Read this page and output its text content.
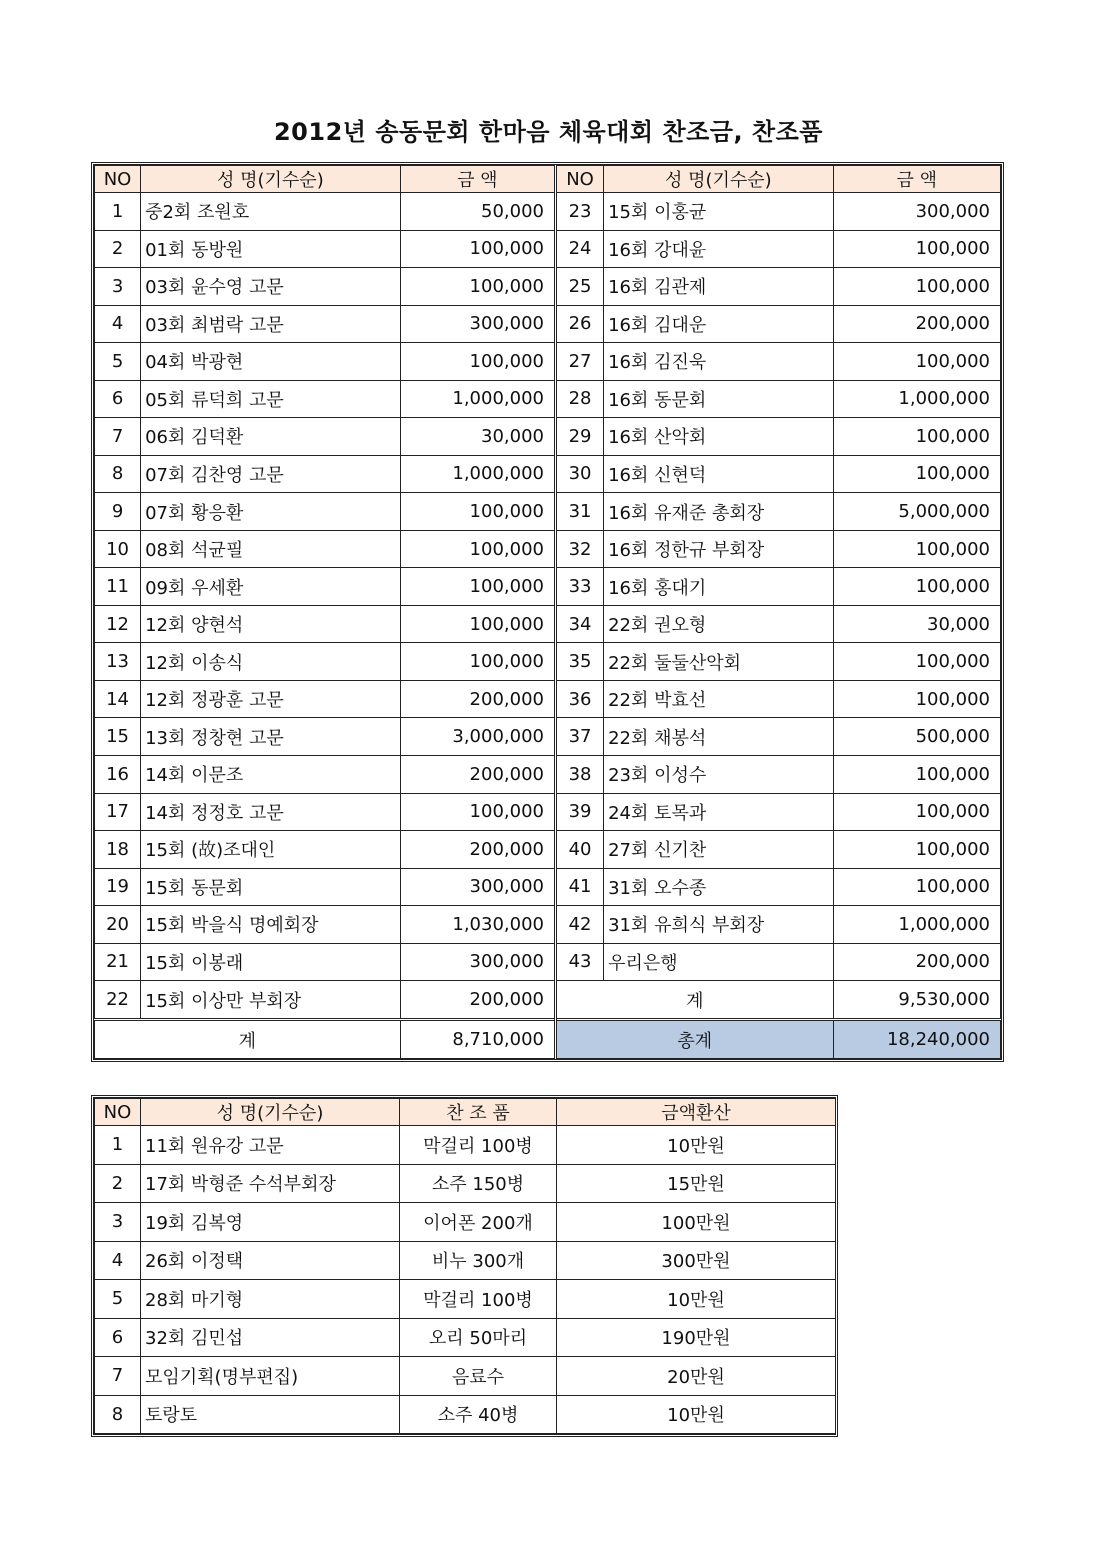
2012년 송동문회 한마음 체육대회 찬조금, 찬조품
NO	성 명(기수순)	금 액	NO	성 명(기수순)	금 액
1	중2회 조원호	50,000	23	15회 이홍균	300,000
2	01회 동방원	100,000	24	16회 강대윤	100,000
3	03회 윤수영 고문	100,000	25	16회 김관제	100,000
4	03회 최범락 고문	300,000	26	16회 김대운	200,000
5	04회 박광현	100,000	27	16회 김진욱	100,000
6	05회 류덕희 고문	1,000,000	28	16회 동문회	1,000,000
7	06회 김덕환	30,000	29	16회 산악회	100,000
8	07회 김찬영 고문	1,000,000	30	16회 신현덕	100,000
9	07회 황응환	100,000	31	16회 유재준 총회장	5,000,000
10	08회 석균필	100,000	32	16회 정한규 부회장	100,000
11	09회 우세환	100,000	33	16회 홍대기	100,000
12	12회 양현석	100,000	34	22회 권오형	30,000
13	12회 이송식	100,000	35	22회 둘둘산악회	100,000
14	12회 정광훈 고문	200,000	36	22회 박효선	100,000
15	13회 정창현 고문	3,000,000	37	22회 채봉석	500,000
16	14회 이문조	200,000	38	23회 이성수	100,000
17	14회 정정호 고문	100,000	39	24회 토목과	100,000
18	15회 (故)조대인	200,000	40	27회 신기찬	100,000
19	15회 동문회	300,000	41	31회 오수종	100,000
20	15회 박을식 명예회장	1,030,000	42	31회 유희식 부회장	1,000,000
21	15회 이봉래	300,000	43	우리은행	200,000
22	15회 이상만 부회장	200,000	계		9,530,000
계		8,710,000	총계		18,240,000
NO	성 명(기수순)	찬 조 품	금액환산
1	11회 원유강 고문	막걸리 100병	10만원
2	17회 박형준 수석부회장	소주 150병	15만원
3	19회 김복영	이어폰 200개	100만원
4	26회 이정택	비누 300개	300만원
5	28회 마기형	막걸리 100병	10만원
6	32회 김민섭	오리 50마리	190만원
7	모임기획(명부편집)	음료수	20만원
8	토랑토	소주 40병	10만원
